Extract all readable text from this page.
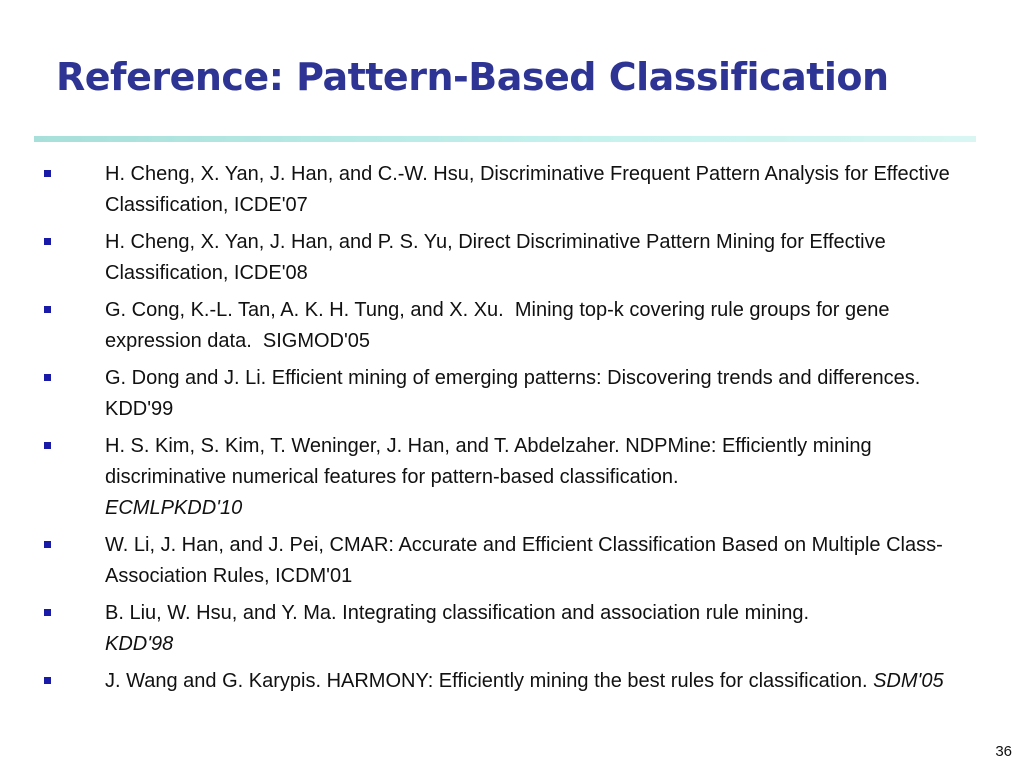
Reference: Pattern-Based Classification
H. Cheng, X. Yan, J. Han, and C.-W. Hsu, Discriminative Frequent Pattern Analysis for Effective Classification, ICDE'07
H. Cheng, X. Yan, J. Han, and P. S. Yu, Direct Discriminative Pattern Mining for Effective Classification, ICDE'08
G. Cong, K.-L. Tan, A. K. H. Tung, and X. Xu.  Mining top-k covering rule groups for gene expression data.  SIGMOD'05
G. Dong and J. Li. Efficient mining of emerging patterns: Discovering trends and differences. KDD'99
H. S. Kim, S. Kim, T. Weninger, J. Han, and T. Abdelzaher. NDPMine: Efficiently mining discriminative numerical features for pattern-based classification.
ECMLPKDD'10
W. Li, J. Han, and J. Pei, CMAR: Accurate and Efficient Classification Based on Multiple Class-Association Rules, ICDM'01
B. Liu, W. Hsu, and Y. Ma. Integrating classification and association rule mining.
KDD'98
J. Wang and G. Karypis. HARMONY: Efficiently mining the best rules for classification. SDM'05
36
